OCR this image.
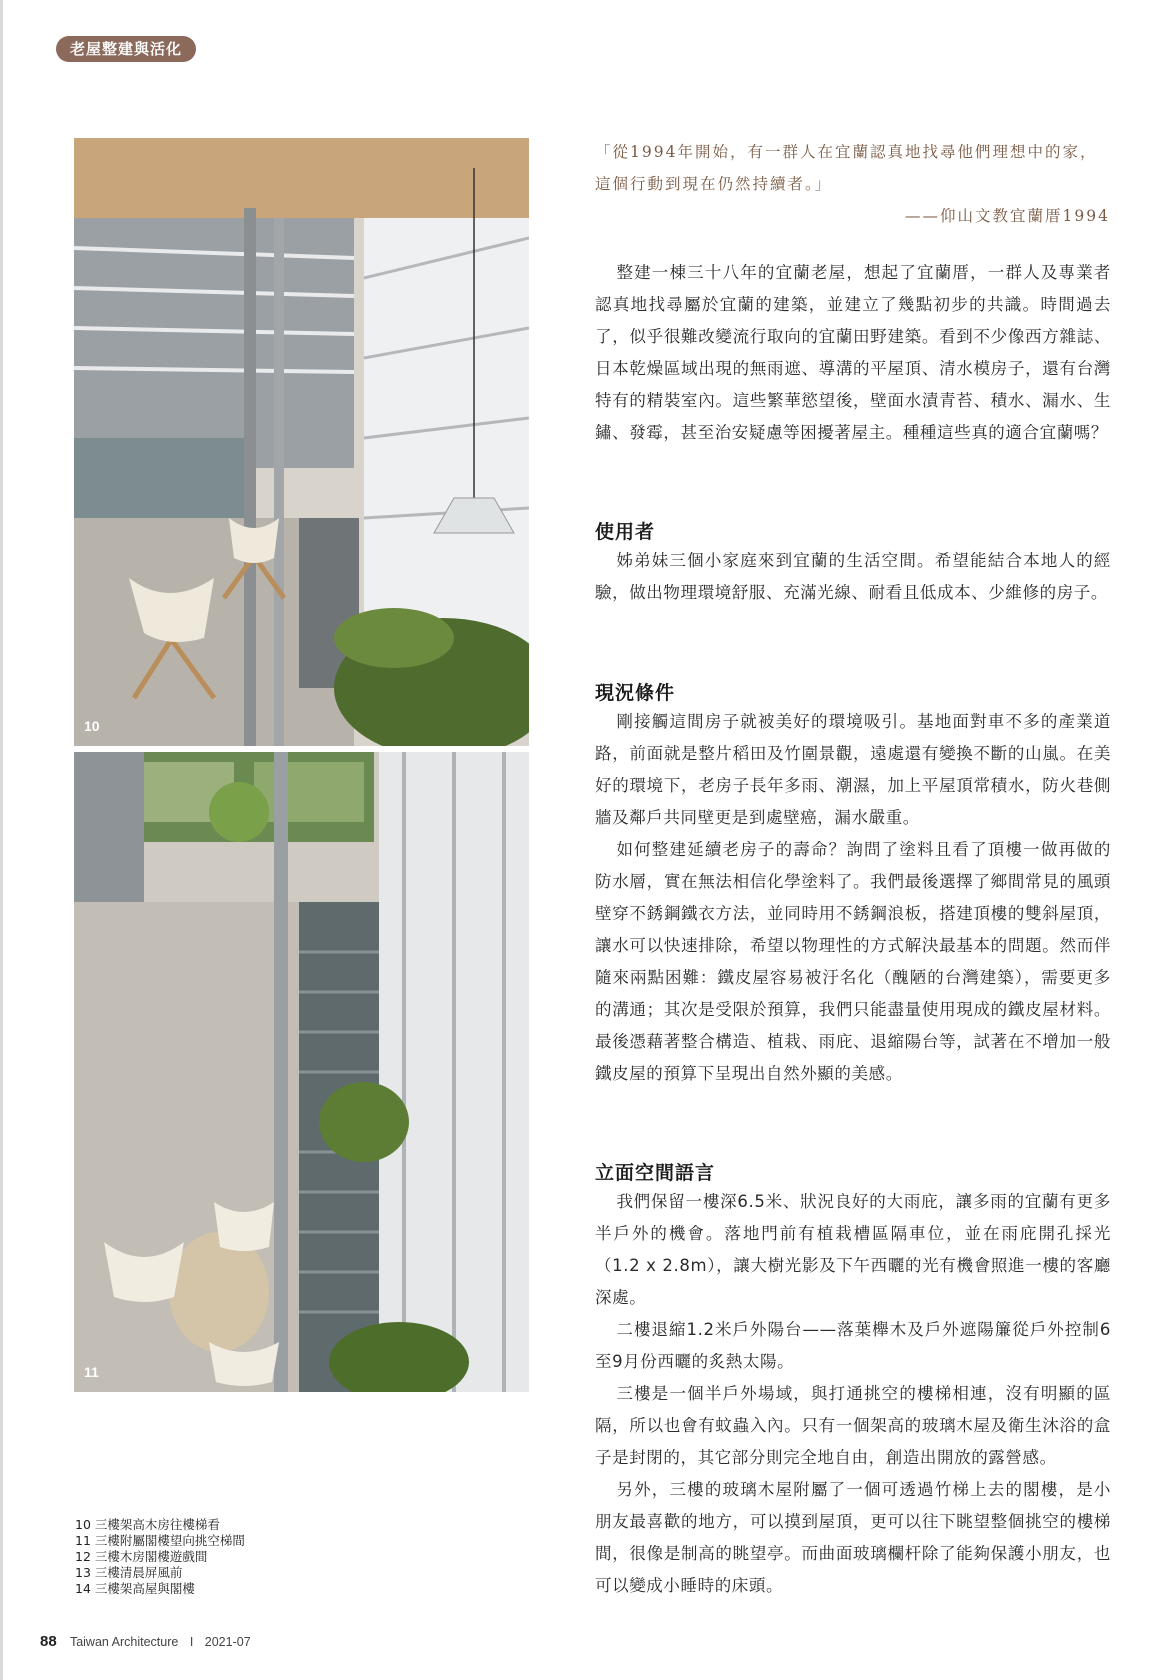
老屋整建與活化
10
11
「從1994年開始，有一群人在宜蘭認真地找尋他們理想中的家，
這個行動到現在仍然持續者。」
——仰山文教宜蘭厝1994

整建一棟三十八年的宜蘭老屋，想起了宜蘭厝，一群人及專業者認真地找尋屬於宜蘭的建築，並建立了幾點初步的共識。時間過去了，似乎很難改變流行取向的宜蘭田野建築。看到不少像西方雜誌、日本乾燥區域出現的無雨遮、導溝的平屋頂、清水模房子，還有台灣特有的精裝室內。這些繁華慾望後，壁面水漬青苔、積水、漏水、生鏽、發霉，甚至治安疑慮等困擾著屋主。種種這些真的適合宜蘭嗎？

使用者

姊弟妹三個小家庭來到宜蘭的生活空間。希望能結合本地人的經驗，做出物理環境舒服、充滿光線、耐看且低成本、少維修的房子。

現況條件

剛接觸這間房子就被美好的環境吸引。基地面對車不多的產業道路，前面就是整片稻田及竹圍景觀，遠處還有變換不斷的山嵐。在美好的環境下，老房子長年多雨、潮濕，加上平屋頂常積水，防火巷側牆及鄰戶共同壁更是到處壁癌，漏水嚴重。

如何整建延續老房子的壽命？詢問了塗料且看了頂樓一做再做的防水層，實在無法相信化學塗料了。我們最後選擇了鄉間常見的風頭壁穿不銹鋼鐵衣方法，並同時用不銹鋼浪板，搭建頂樓的雙斜屋頂，讓水可以快速排除，希望以物理性的方式解決最基本的問題。然而伴隨來兩點困難：鐵皮屋容易被汙名化（醜陋的台灣建築），需要更多的溝通；其次是受限於預算，我們只能盡量使用現成的鐵皮屋材料。最後憑藉著整合構造、植栽、雨庇、退縮陽台等，試著在不增加一般鐵皮屋的預算下呈現出自然外顯的美感。

立面空間語言

我們保留一樓深6.5米、狀況良好的大雨庇，讓多雨的宜蘭有更多半戶外的機會。落地門前有植栽槽區隔車位，並在雨庇開孔採光（1.2 x 2.8m），讓大樹光影及下午西曬的光有機會照進一樓的客廳深處。

二樓退縮1.2米戶外陽台——落葉櫸木及戶外遮陽簾從戶外控制6至9月份西曬的炙熱太陽。

三樓是一個半戶外場域，與打通挑空的樓梯相連，沒有明顯的區隔，所以也會有蚊蟲入內。只有一個架高的玻璃木屋及衛生沐浴的盒子是封閉的，其它部分則完全地自由，創造出開放的露營感。

另外，三樓的玻璃木屋附屬了一個可透過竹梯上去的閣樓，是小朋友最喜歡的地方，可以摸到屋頂，更可以往下眺望整個挑空的樓梯間，很像是制高的眺望亭。而曲面玻璃欄杆除了能夠保護小朋友，也可以變成小睡時的床頭。

10 三樓架高木房往樓梯看
11 三樓附屬閣樓望向挑空梯間
12 三樓木房閣樓遊戲間
13 三樓清晨屏風前
14 三樓架高屋與閣樓
88 Taiwan Architecture I 2021-07
